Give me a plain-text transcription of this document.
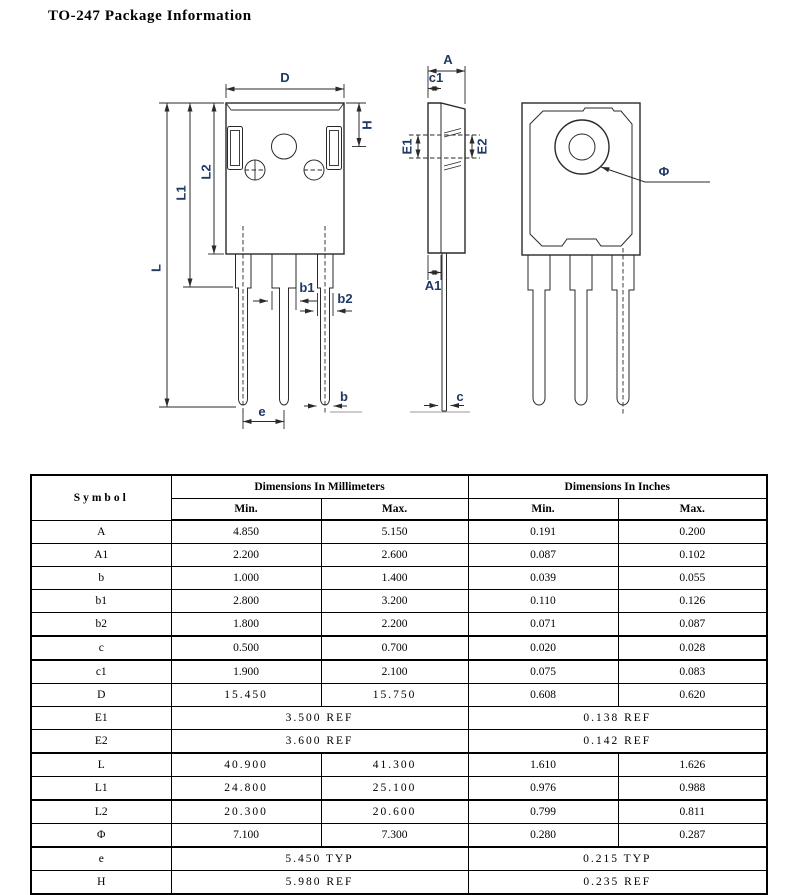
TO-247 Package Information
D
H
L2
L1
L
b1
b2
b
e
A
c1
E1	E2
A1
c
Φ
Symbol	Dimensions In Millimeters		Dimensions In Inches	
	Min.	Max.	Min.	Max.
A	4.850	5.150	0.191	0.200
A1	2.200	2.600	0.087	0.102
b	1.000	1.400	0.039	0.055
b1	2.800	3.200	0.110	0.126
b2	1.800	2.200	0.071	0.087
c	0.500	0.700	0.020	0.028
c1	1.900	2.100	0.075	0.083
D	15.450	15.750	0.608	0.620
E1	3.500 REF		0.138 REF	
E2	3.600 REF		0.142 REF	
L	40.900	41.300	1.610	1.626
L1	24.800	25.100	0.976	0.988
L2	20.300	20.600	0.799	0.811
Φ	7.100	7.300	0.280	0.287
e	5.450 TYP		0.215 TYP	
H	5.980 REF		0.235 REF	
